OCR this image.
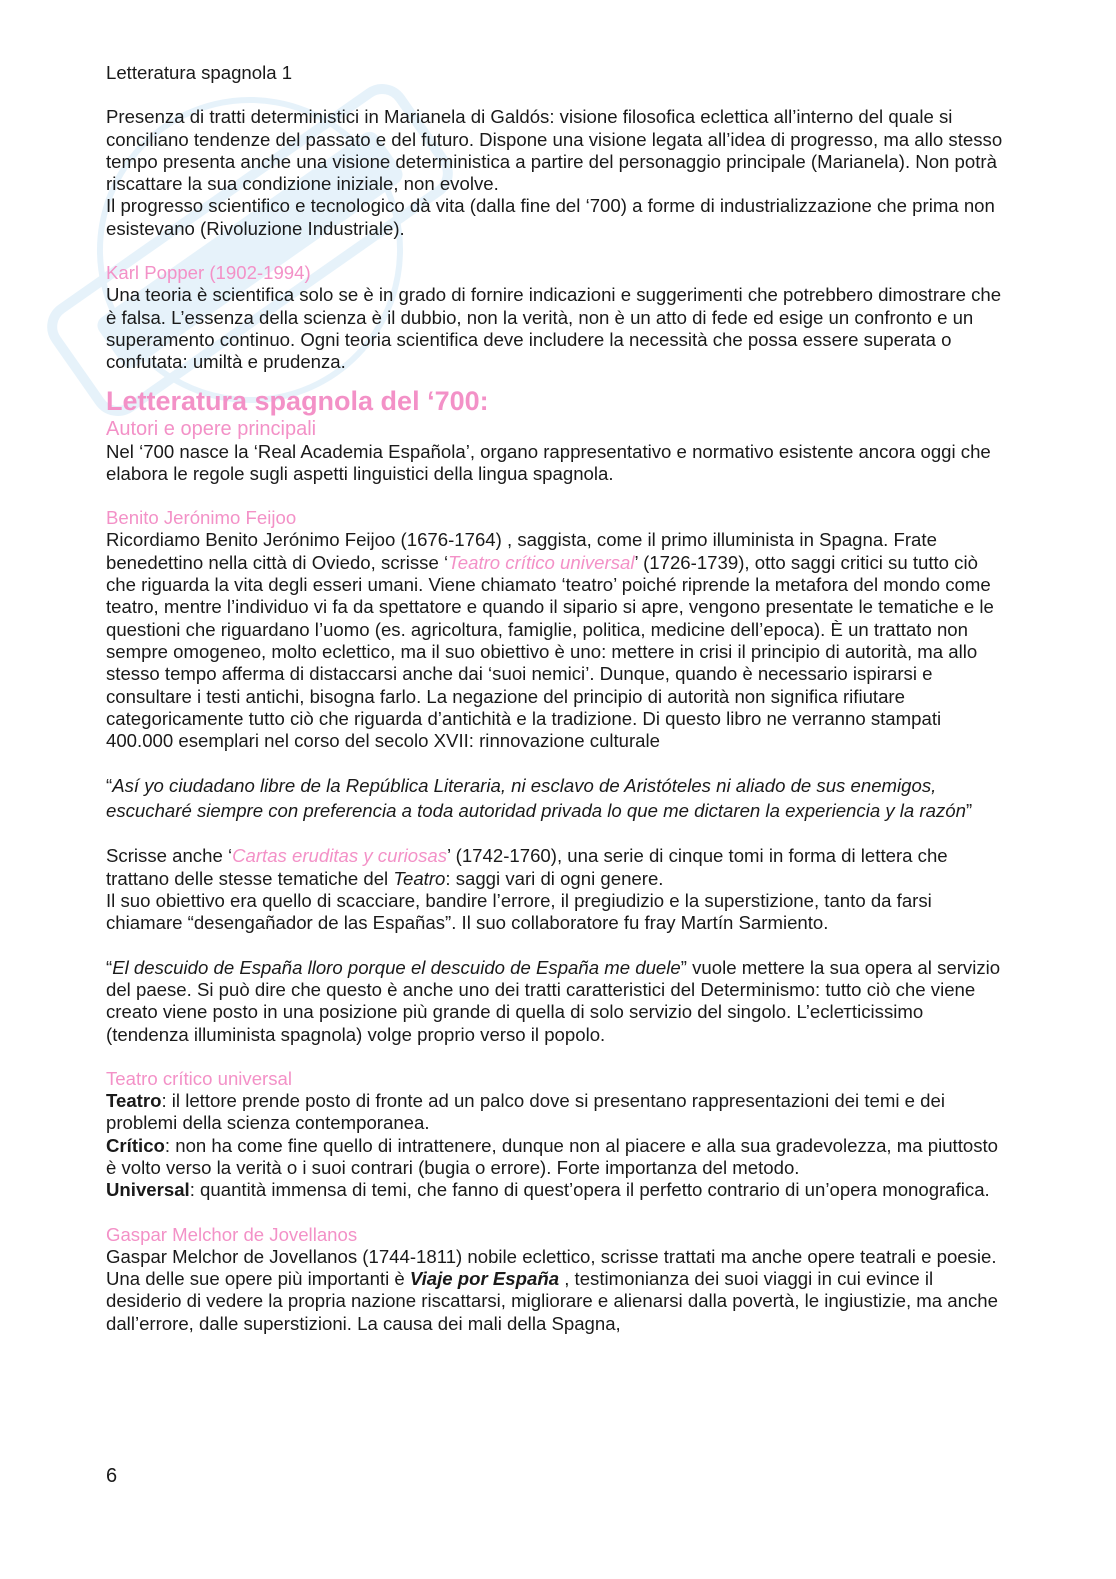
Letteratura spagnola 1

Presenza di tratti deterministici in Marianela di Galdós: visione filosofica eclettica all’interno del quale si conciliano tendenze del passato e del futuro. Dispone una visione legata all’idea di progresso, ma allo stesso tempo presenta anche una visione deterministica a partire del personaggio principale (Marianela). Non potrà riscattare la sua condizione iniziale, non evolve.

Il progresso scientifico e tecnologico dà vita (dalla fine del ‘700) a forme di industrializzazione che prima non esistevano (Rivoluzione Industriale).

Karl Popper (1902-1994)

Una teoria è scientifica solo se è in grado di fornire indicazioni e suggerimenti che potrebbero dimostrare che è falsa. L’essenza della scienza è il dubbio, non la verità, non è un atto di fede ed esige un confronto e un superamento continuo. Ogni teoria scientifica deve includere la necessità che possa essere superata o confutata: umiltà e prudenza.

Letteratura spagnola del ‘700:
Autori e opere principali

Nel ‘700 nasce la ‘Real Academia Española’, organo rappresentativo e normativo esistente ancora oggi che elabora le regole sugli aspetti linguistici della lingua spagnola.

Benito Jerónimo Feijoo

Ricordiamo Benito Jerónimo Feijoo (1676-1764) , saggista, come il primo illuminista in Spagna. Frate benedettino nella città di Oviedo, scrisse ‘Teatro crítico universal’ (1726-1739), otto saggi critici su tutto ciò che riguarda la vita degli esseri umani. Viene chiamato ‘teatro’ poiché riprende la metafora del mondo come teatro, mentre l’individuo vi fa da spettatore e quando il sipario si apre, vengono presentate le tematiche e le questioni che riguardano l’uomo (es. agricoltura, famiglie, politica, medicine dell’epoca). È un trattato non sempre omogeneo, molto eclettico, ma il suo obiettivo è uno: mettere in crisi il principio di autorità, ma allo stesso tempo afferma di distaccarsi anche dai ‘suoi nemici’. Dunque, quando è necessario ispirarsi e consultare i testi antichi, bisogna farlo. La negazione del principio di autorità non significa rifiutare categoricamente tutto ciò che riguarda d’antichità e la tradizione. Di questo libro ne verranno stampati 400.000 esemplari nel corso del secolo XVII: rinnovazione culturale

“Así yo ciudadano libre de la República Literaria, ni esclavo de Aristóteles ni aliado de sus enemigos, escucharé siempre con preferencia a toda autoridad privada lo que me dictaren la experiencia y la razón”

Scrisse anche ‘Cartas eruditas y curiosas’ (1742-1760), una serie di cinque tomi in forma di lettera che trattano delle stesse tematiche del Teatro: saggi vari di ogni genere.

Il suo obiettivo era quello di scacciare, bandire l’errore, il pregiudizio e la superstizione, tanto da farsi chiamare “desengañador de las Españas”. Il suo collaboratore fu fray Martín Sarmiento.

“El descuido de España lloro porque el descuido de España me duele” vuole mettere la sua opera al servizio del paese. Si può dire che questo è anche uno dei tratti caratteristici del Determinismo: tutto ciò che viene creato viene posto in una posizione più grande di quella di solo servizio del singolo. L’eclетticissimo (tendenza illuminista spagnola) volge proprio verso il popolo.

Teatro crítico universal

Teatro: il lettore prende posto di fronte ad un palco dove si presentano rappresentazioni dei temi e dei problemi della scienza contemporanea.

Crítico: non ha come fine quello di intrattenere, dunque non al piacere e alla sua gradevolezza, ma piuttosto è volto verso la verità o i suoi contrari (bugia o errore). Forte importanza del metodo.

Universal: quantità immensa di temi, che fanno di quest’opera il perfetto contrario di un’opera monografica.

Gaspar Melchor de Jovellanos

Gaspar Melchor de Jovellanos (1744-1811) nobile eclettico, scrisse trattati ma anche opere teatrali e poesie. Una delle sue opere più importanti è Viaje por España , testimonianza dei suoi viaggi in cui evince il desiderio di vedere la propria nazione riscattarsi, migliorare e alienarsi dalla povertà, le ingiustizie, ma anche dall’errore, dalle superstizioni. La causa dei mali della Spagna,

6
